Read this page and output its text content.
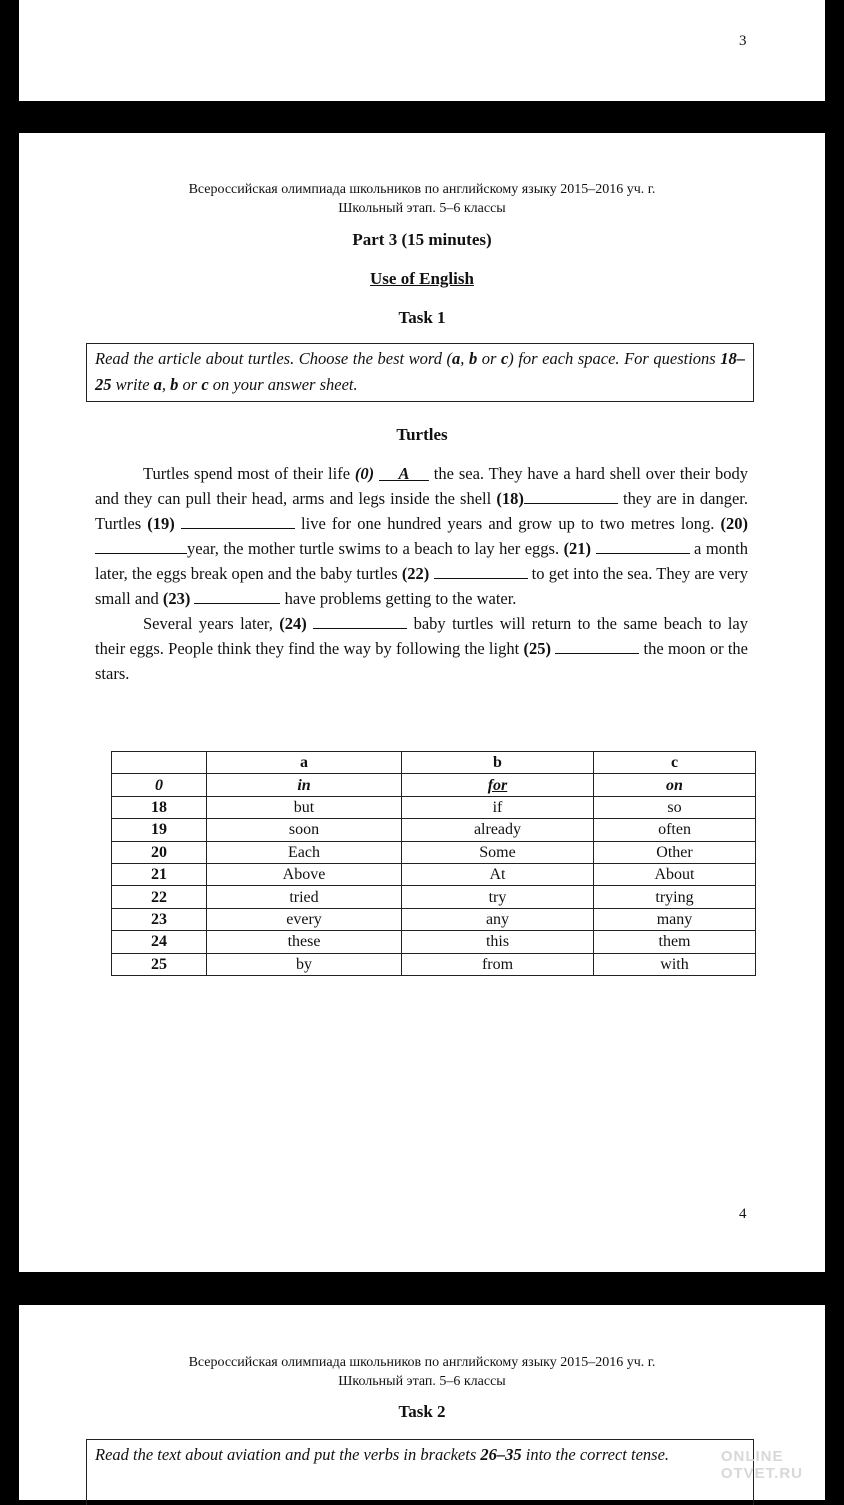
3
Всероссийская олимпиада школьников по английскому языку 2015–2016 уч. г.
Школьный этап. 5–6 классы
Part 3 (15 minutes)
Use of English
Task 1
Read the article about turtles. Choose the best word (a, b or c) for each space. For questions 18–25 write a, b or c on your answer sheet.
Turtles

Turtles spend most of their life (0) A     the sea. They have a hard shell over their body and they can pull their head, arms and legs inside the shell (18)	they are in danger. Turtles (19)	live for one hundred years and grow up to two metres long. (20) year, the mother turtle swims to a beach to lay her eggs. (21)	a month later, the eggs break open and the baby turtles (22)	to get into the sea. They are very small and (23)	have problems getting to the water.

Several years later, (24)	baby turtles will return to the same beach to lay their eggs. People think they find the way by following the light (25)	the moon or the stars.

	a	b	c
0	in	for	on
18	but	if	so
19	soon	already	often
20	Each	Some	Other
21	Above	At	About
22	tried	try	trying
23	every	any	many
24	these	this	them
25	by	from	with
4
Всероссийская олимпиада школьников по английскому языку 2015–2016 уч. г.
Школьный этап. 5–6 классы
Task 2
Read the text about aviation and put the verbs in brackets 26–35 into the correct tense.	ONLINE
OTVET.RU
